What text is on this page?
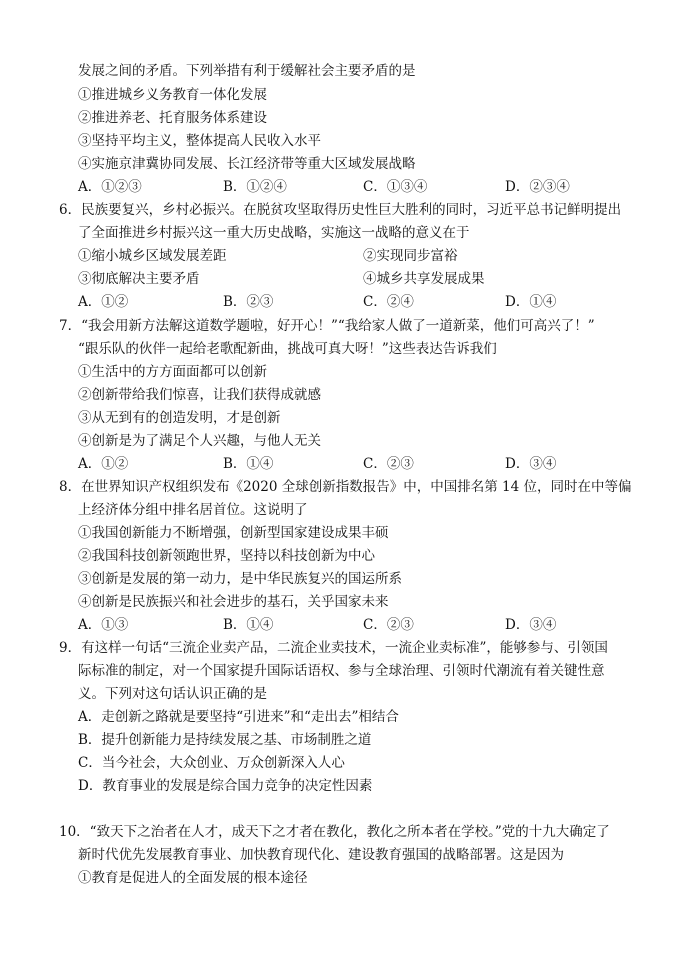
发展之间的矛盾。下列举措有利于缓解社会主要矛盾的是
①推进城乡义务教育一体化发展
②推进养老、托育服务体系建设
③坚持平均主义，整体提高人民收入水平
④实施京津冀协同发展、长江经济带等重大区域发展战略
A．①②③	B．①②④	C．①③④	D．②③④
6．民族要复兴，乡村必振兴。在脱贫攻坚取得历史性巨大胜利的同时，习近平总书记鲜明提出
了全面推进乡村振兴这一重大历史战略，实施这一战略的意义在于
①缩小城乡区域发展差距	②实现同步富裕
③彻底解决主要矛盾	④城乡共享发展成果
A．①②	B．②③	C．②④	D．①④
7．“我会用新方法解这道数学题啦，好开心！”“我给家人做了一道新菜，他们可高兴了！”
“跟乐队的伙伴一起给老歌配新曲，挑战可真大呀！”这些表达告诉我们
①生活中的方方面面都可以创新
②创新带给我们惊喜，让我们获得成就感
③从无到有的创造发明，才是创新
④创新是为了满足个人兴趣，与他人无关
A．①②	B．①④	C．②③	D．③④
8．在世界知识产权组织发布《2020 全球创新指数报告》中，中国排名第 14 位，同时在中等偏
上经济体分组中排名居首位。这说明了
①我国创新能力不断增强，创新型国家建设成果丰硕
②我国科技创新领跑世界，坚持以科技创新为中心
③创新是发展的第一动力，是中华民族复兴的国运所系
④创新是民族振兴和社会进步的基石，关乎国家未来
A．①③	B．①④	C．②③	D．③④
9．有这样一句话“三流企业卖产品，二流企业卖技术，一流企业卖标准”，能够参与、引领国
际标准的制定，对一个国家提升国际话语权、参与全球治理、引领时代潮流有着关键性意
义。下列对这句话认识正确的是
A．走创新之路就是要坚持“引进来”和“走出去”相结合
B．提升创新能力是持续发展之基、市场制胜之道
C．当今社会，大众创业、万众创新深入人心
D．教育事业的发展是综合国力竞争的决定性因素
10．“致天下之治者在人才，成天下之才者在教化，教化之所本者在学校。”党的十九大确定了
新时代优先发展教育事业、加快教育现代化、建设教育强国的战略部署。这是因为
①教育是促进人的全面发展的根本途径
